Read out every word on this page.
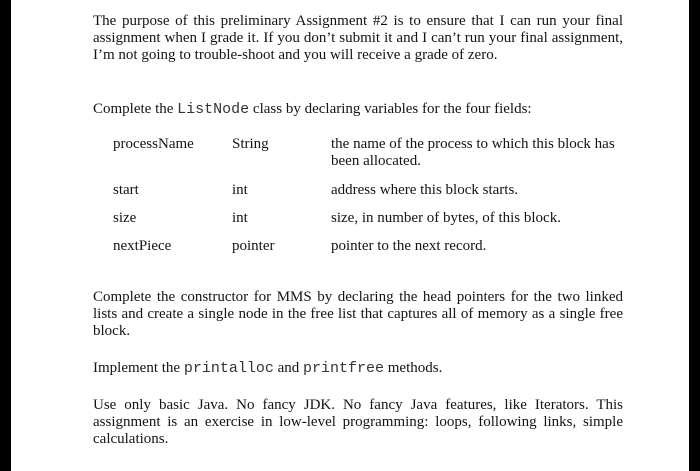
The purpose of this preliminary Assignment #2 is to ensure that I can run your final assignment when I grade it. If you don’t submit it and I can’t run your final assignment, I’m not going to trouble-shoot and you will receive a grade of zero.

Complete the ListNode class by declaring variables for the four fields:

processName	String	the name of the process to which this block has been allocated.
start	int	address where this block starts.
size	int	size, in number of bytes, of this block.
nextPiece	pointer	pointer to the next record.

Complete the constructor for MMS by declaring the head pointers for the two linked lists and create a single node in the free list that captures all of memory as a single free block.

Implement the printalloc and printfree methods.

Use only basic Java. No fancy JDK. No fancy Java features, like Iterators. This assignment is an exercise in low-level programming: loops, following links, simple calculations.
